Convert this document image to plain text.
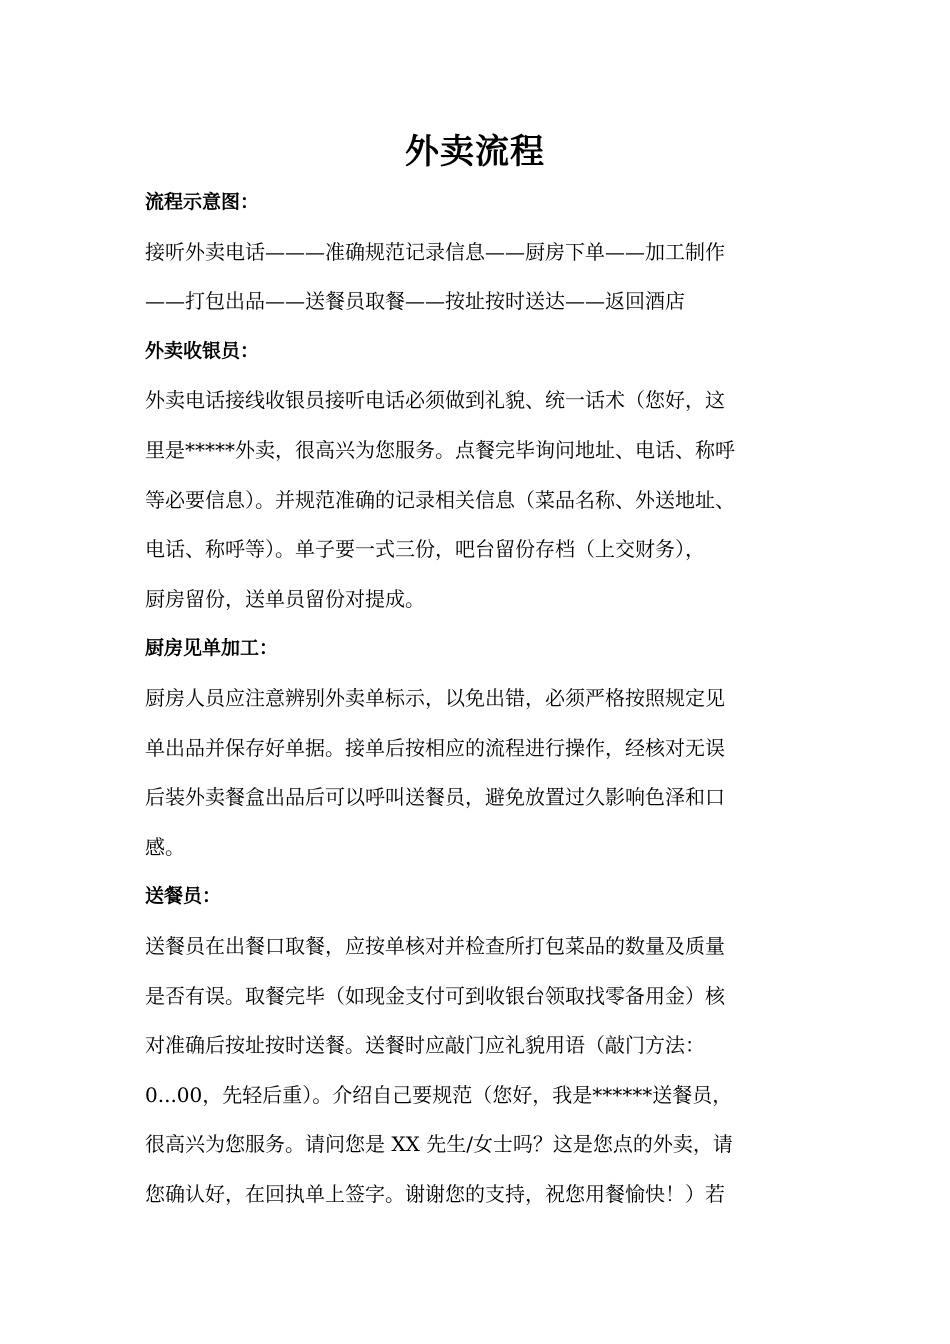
外卖流程
流程示意图：
接听外卖电话———准确规范记录信息——厨房下单——加工制作
——打包出品——送餐员取餐——按址按时送达——返回酒店
外卖收银员：
外卖电话接线收银员接听电话必须做到礼貌、统一话术（您好，这
里是*****外卖，很高兴为您服务。点餐完毕询问地址、电话、称呼
等必要信息）。并规范准确的记录相关信息（菜品名称、外送地址、
电话、称呼等）。单子要一式三份，吧台留份存档（上交财务），
厨房留份，送单员留份对提成。
厨房见单加工：
厨房人员应注意辨别外卖单标示，以免出错，必须严格按照规定见
单出品并保存好单据。接单后按相应的流程进行操作，经核对无误
后装外卖餐盒出品后可以呼叫送餐员，避免放置过久影响色泽和口
感。
送餐员：
送餐员在出餐口取餐，应按单核对并检查所打包菜品的数量及质量
是否有误。取餐完毕（如现金支付可到收银台领取找零备用金）核
对准确后按址按时送餐。送餐时应敲门应礼貌用语（敲门方法：
0...00，先轻后重）。介绍自己要规范（您好，我是******送餐员，
很高兴为您服务。请问您是 XX 先生/女士吗？这是您点的外卖，请
您确认好，在回执单上签字。谢谢您的支持，祝您用餐愉快！）若
